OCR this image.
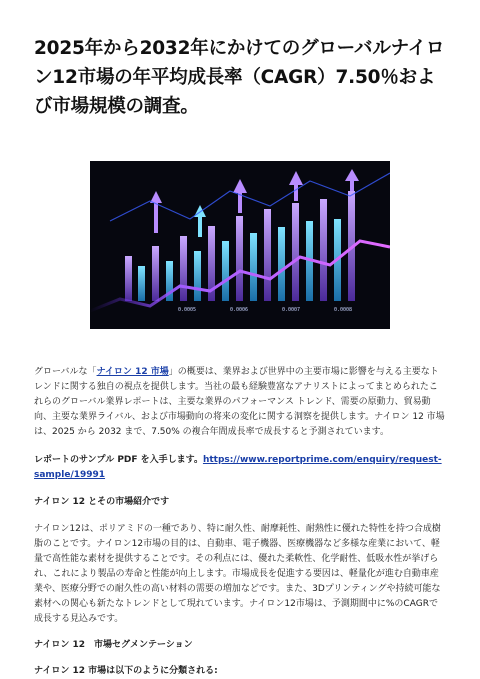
2025年から2032年にかけてのグローバルナイロン12市場の年平均成長率（CAGR）7.50％および市場規模の調査。
0.0005	0.0006	0.0007	0.0008

グローバルな「ナイロン 12 市場」の概要は、業界および世界中の主要市場に影響を与える主要なトレンドに関する独自の視点を提供します。当社の最も経験豊富なアナリストによってまとめられたこれらのグローバル業界レポートは、主要な業界のパフォーマンス トレンド、需要の原動力、貿易動向、主要な業界ライバル、および市場動向の将来の変化に関する洞察を提供します。ナイロン 12 市場は、2025 から 2032 まで、7.50% の複合年間成長率で成長すると予測されています。

レポートのサンプル PDF を入手します。https://www.reportprime.com/enquiry/request-sample/19991

ナイロン 12 とその市場紹介です

ナイロン12は、ポリアミドの一種であり、特に耐久性、耐摩耗性、耐熱性に優れた特性を持つ合成樹脂のことです。ナイロン12市場の目的は、自動車、電子機器、医療機器など多様な産業において、軽量で高性能な素材を提供することです。その利点には、優れた柔軟性、化学耐性、低吸水性が挙げられ、これにより製品の寿命と性能が向上します。市場成長を促進する要因は、軽量化が進む自動車産業や、医療分野での耐久性の高い材料の需要の増加などです。また、3Dプリンティングや持続可能な素材への関心も新たなトレンドとして現れています。ナイロン12市場は、予測期間中に%のCAGRで成長する見込みです。

ナイロン 12　市場セグメンテーション

ナイロン 12 市場は以下のように分類される:
